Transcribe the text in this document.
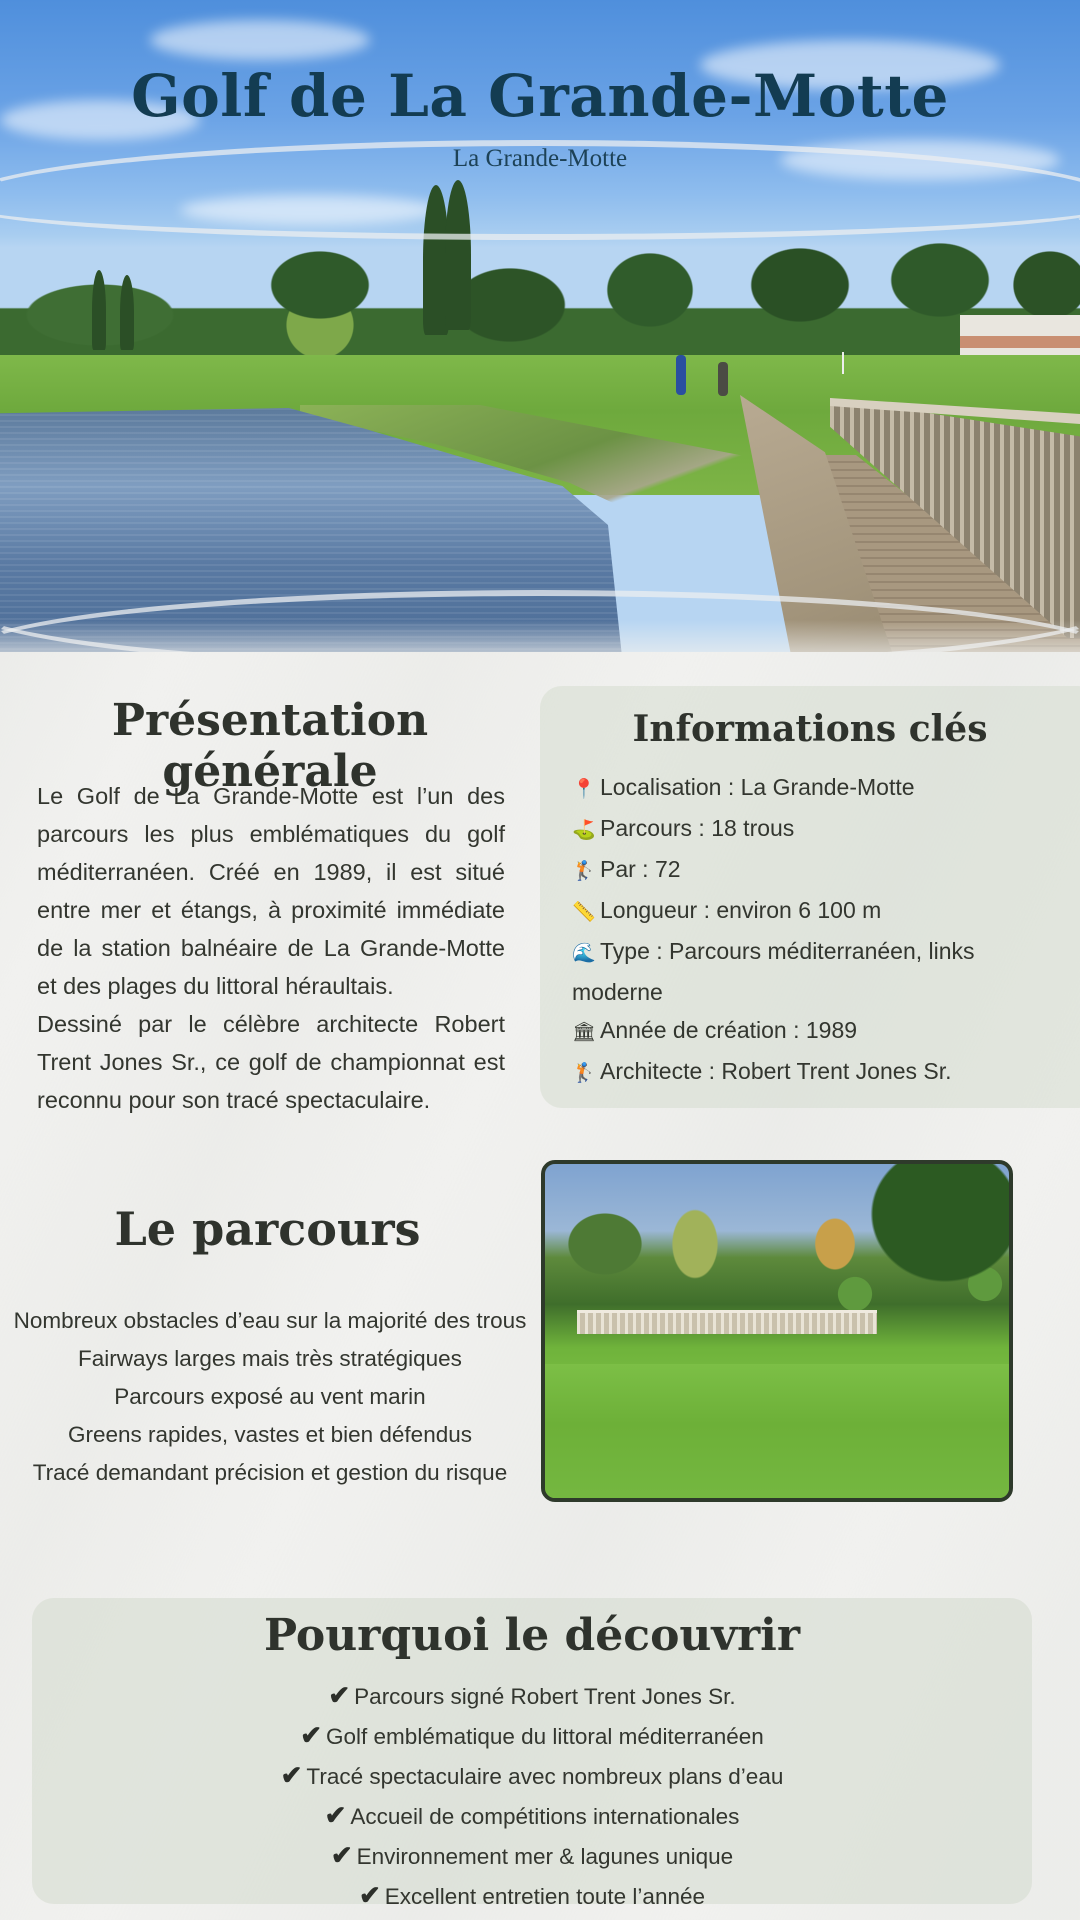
Golf de La Grande-Motte
La Grande-Motte
Présentation générale

Le Golf de La Grande-Motte est l’un des parcours les plus emblématiques du golf méditerranéen. Créé en 1989, il est situé entre mer et étangs, à proximité immédiate de la station balnéaire de La Grande-Motte et des plages du littoral héraultais.

Dessiné par le célèbre architecte Robert Trent Jones Sr., ce golf de championnat est reconnu pour son tracé spectaculaire.

Informations clés
📍 Localisation : La Grande-Motte
⛳ Parcours : 18 trous
🏌 Par : 72
📏 Longueur : environ 6 100 m
🌊 Type : Parcours méditerranéen, links moderne
🏛 Année de création : 1989
🏌 Architecte : Robert Trent Jones Sr.
Le parcours
Nombreux obstacles d’eau sur la majorité des trous
Fairways larges mais très stratégiques
Parcours exposé au vent marin
Greens rapides, vastes et bien défendus
Tracé demandant précision et gestion du risque
Pourquoi le découvrir
✔ Parcours signé Robert Trent Jones Sr.
✔ Golf emblématique du littoral méditerranéen
✔ Tracé spectaculaire avec nombreux plans d’eau
✔ Accueil de compétitions internationales
✔ Environnement mer & lagunes unique
✔ Excellent entretien toute l’année
